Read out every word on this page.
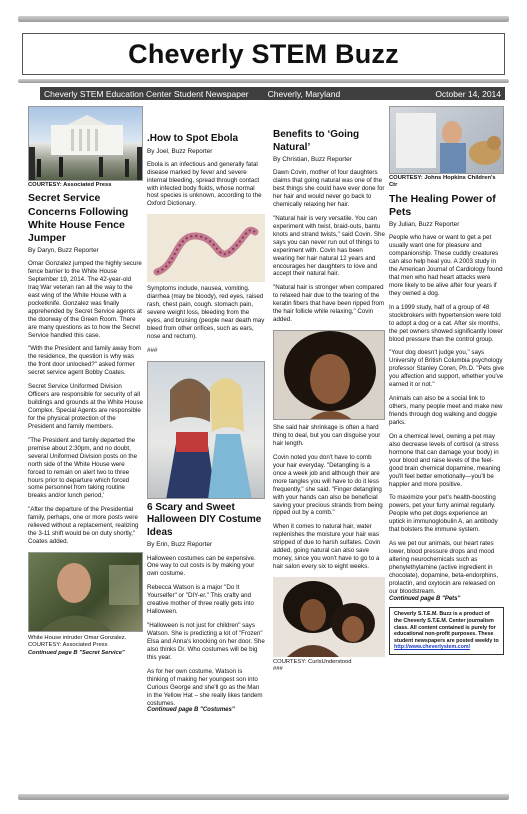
Cheverly STEM Buzz
Cheverly STEM Education Center Student Newspaper	Cheverly, Maryland	October 14, 2014
COURTESY: Associated Press
Secret Service Concerns Following White House Fence Jumper
By Daryn, Buzz Reporter

Omar Gonzalez jumped the highly secure fence barrier to the White House September 19, 2014. The 42-year-old Iraq War veteran ran all the way to the east wing of the White House with a pocketknife. Gonzalez was finally apprehended by Secret Service agents at the doorway of the Green Room. There are many questions as to how the Secret Service handled this case.

"With the President and family away from the residence, the question is why was the front door unlocked?" asked former secret service agent Bobby Coates.

Secret Service Uniformed Division Officers are responsible for security of all buildings and grounds at the White House Complex. Special Agents are responsible for the physical protection of the President and family members.

"The President and family departed the premise about 2:30pm, and no doubt, several Uniformed Division posts on the north side of the White House were forced to remain on alert two to three hours prior to departure which forced some personnel from taking routine breaks and/or lunch period,'

"After the departure of the Presidential family, perhaps, one or more posts were relieved without a replacement, realizing the 3-11 shift would be on duty shortly," Coates added.

White House intruder Omar Gonzalez. COURTESY: Associated Press
Continued page B "Secret Service"
.How to Spot Ebola
By Joel, Buzz Reporter

Ebola is an infectious and generally fatal disease marked by fever and severe internal bleeding, spread through contact with infected body fluids, whose normal host species is unknown, according to the Oxford Dictionary.

Symptoms include, nausea, vomiting. diarrhea (may be bloody), red eyes, raised rash, chest pain, cough. stomach pain, severe weight loss, bleeding from the eyes, and bruising (people near death may bleed from other orifices, such as ears, nose and rectum).

###

6 Scary and Sweet Halloween DIY Costume Ideas
By Erin, Buzz Reporter

Halloween costumes can be expensive. One way to cut costs is by making your own costume.

Rebecca Watson is a major "Do It Yourselfer" or "DIY-er." This crafty and creative mother of three really gets into Halloween.

"Halloween is not just for children" says Watson. She is predicting a lot of "Frozen" Elsa and Anna's knocking on her door. She also thinks Dr. Who costumes will be big this year.

As for her own costume, Watson is thinking of making her youngest son into Curious George and she'll go as the Man in the Yellow Hat – she really likes tandem costumes.

Continued page B "Costumes"
Benefits to ‘Going Natural’
By Christian, Buzz Reporter

Dawn Covin, mother of four daughters claims that going natural was one of the best things she could have ever done for her hair and would never go back to chemically relaxing her hair.

"Natural hair is very versatile. You can experiment with twist, braid-outs, bantu knots and strand twists," said Covin. She says you can never run out of things to experiment with. Covin has been wearing her hair natural 12 years and encourages her daughters to love and accept their natural hair.

"Natural hair is stronger when compared to relaxed hair due to the tearing of the keratin fibers that have been ripped from the hair follicle while relaxing," Covin added.

She said hair shrinkage is often a hard thing to deal, but you can disguise your hair length.

Covin noted you don't have to comb your hair everyday. "Detangling is a once a week job and although their are more tangles you will have to do it less frequently," she said. "Finger detangling with your hands can also be beneficial saving your precious strands from being ripped out by a comb."

When it comes to natural hair, water replenishes the moisture your hair was stripped of due to harsh sulfates. Covin added, going natural can also save money, since you won't have to go to a hair salon every six to eight weeks.

COURTESY: CurlsUnderstood
###
COURTESY: Johns Hopkins Children's Ctr
The Healing Power of Pets
By Julian, Buzz Reporter

People who have or want to get a pet usually want one for pleasure and companionship. These cuddly creatures can also help heal you. A 2003 study in the American Journal of Cardiology found that men who had heart attacks were more likely to be alive after four years if they owned a dog.

In a 1999 study, half of a group of 48 stockbrokers with hypertension were told to adopt a dog or a cat. After six months, the pet owners showed significantly lower blood pressure than the control group.

"Your dog doesn't judge you," says University of British Columbia psychology professor Stanley Coren, Ph.D. "Pets give you affection and support, whether you've earned it or not."

Animals can also be a social link to others, many people meet and make new friends through dog walking and doggie parks.

On a chemical level, owning a pet may also decrease levels of cortisol (a stress hormone that can damage your body) in your blood and raise levels of the feel-good brain chemical dopamine, meaning you'll feel better emotionally—you'll be happier and more positive.

To maximize your pet's health-boosting powers, pet your furry animal regularly. People who pet dogs experience an uptick in immunoglobulin A, an antibody that bolsters the immune system.

As we pet our animals, our heart rates lower, blood pressure drops and mood altering neurochemicals such as phenylethylamine (active ingredient in chocolate), dopamine, beta-endorphins, prolactin, and oxytocin are released on our bloodstream.

Continued page B "Pets"
Cheverly S.T.E.M. Buzz is a product of the Cheverly S.T.E.M. Center journalism class. All content contained is purely for educational non-profit purposes. These student newspapers are posted weekly to http://www.cheverlystem.com/
